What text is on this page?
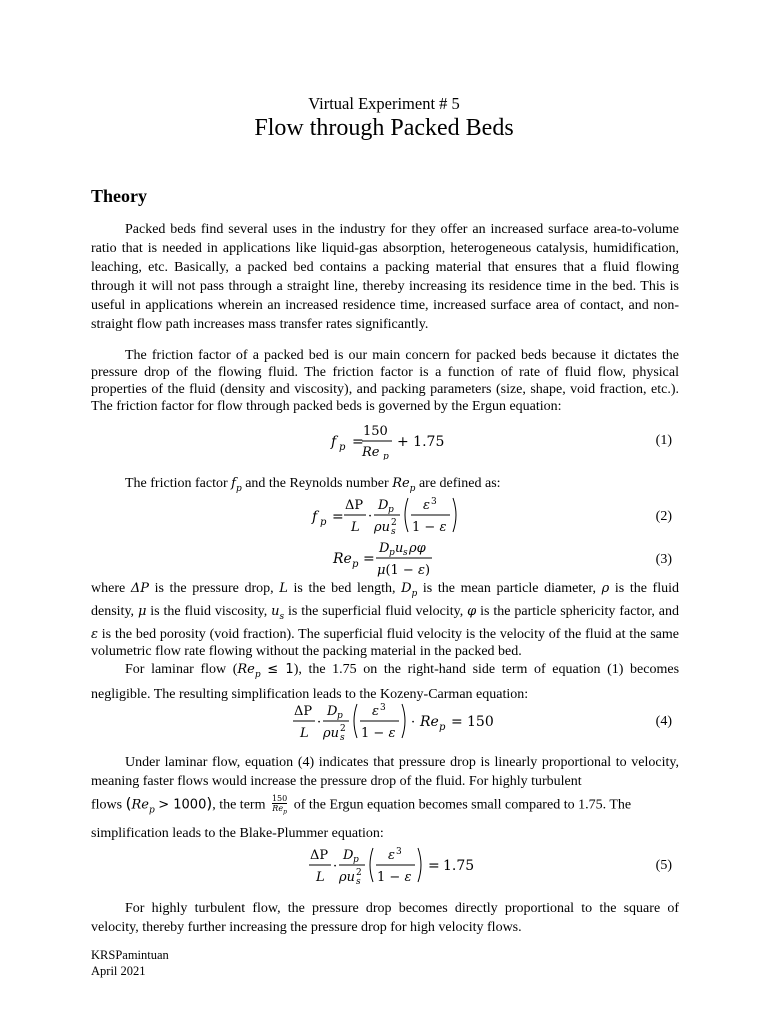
Virtual Experiment # 5
Flow through Packed Beds
Theory

Packed beds find several uses in the industry for they offer an increased surface area-to-volume ratio that is needed in applications like liquid-gas absorption, heterogeneous catalysis, humidification, leaching, etc. Basically, a packed bed contains a packing material that ensures that a fluid flowing through it will not pass through a straight line, thereby increasing its residence time in the bed. This is useful in applications wherein an increased residence time, increased surface area of contact, and non-straight flow path increases mass transfer rates significantly.

The friction factor of a packed bed is our main concern for packed beds because it dictates the pressure drop of the flowing fluid. The friction factor is a function of rate of fluid flow, physical properties of the fluid (density and viscosity), and packing parameters (size, shape, void fraction, etc.). The friction factor for flow through packed beds is governed by the Ergun equation:

f p =
150
Re p
+ 1.75	(1)
The friction factor $f_p$ and the Reynolds number $Re_p$ are defined as:
f p =
ΔP
L
·
D p
ρu s
2
ε 3
1 − ε
(2)
Re p =
D p u s ρφ
μ(1 − ε)
(3)

where ΔP is the pressure drop, L is the bed length, $D_p$ is the mean particle diameter, ρ is the fluid density, μ is the fluid viscosity, $u_s$ is the superficial fluid velocity, φ is the particle sphericity factor, and ε is the bed porosity (void fraction). The superficial fluid velocity is the velocity of the fluid at the same volumetric flow rate flowing without the packing material in the packed bed.

For laminar flow $(Re_p \le 1)$, the 1.75 on the right-hand side term of equation (1) becomes negligible. The resulting simplification leads to the Kozeny-Carman equation:

ΔP
L
·
D p
ρu s
2
ε 3
1 − ε
· Re p = 150	(4)

Under laminar flow, equation (4) indicates that pressure drop is linearly proportional to velocity, meaning faster flows would increase the pressure drop of the fluid. For highly turbulent

flows $(Re_p > 1000)$, the term 150
$Re_p$ of the Ergun equation becomes small compared to 1.75. The
simplification leads to the Blake-Plummer equation:
ΔP
L
·
D p
ρu s
2
ε 3
1 − ε
= 1.75	(5)

For highly turbulent flow, the pressure drop becomes directly proportional to the square of velocity, thereby further increasing the pressure drop for high velocity flows.

KRSPamintuan
April 2021
